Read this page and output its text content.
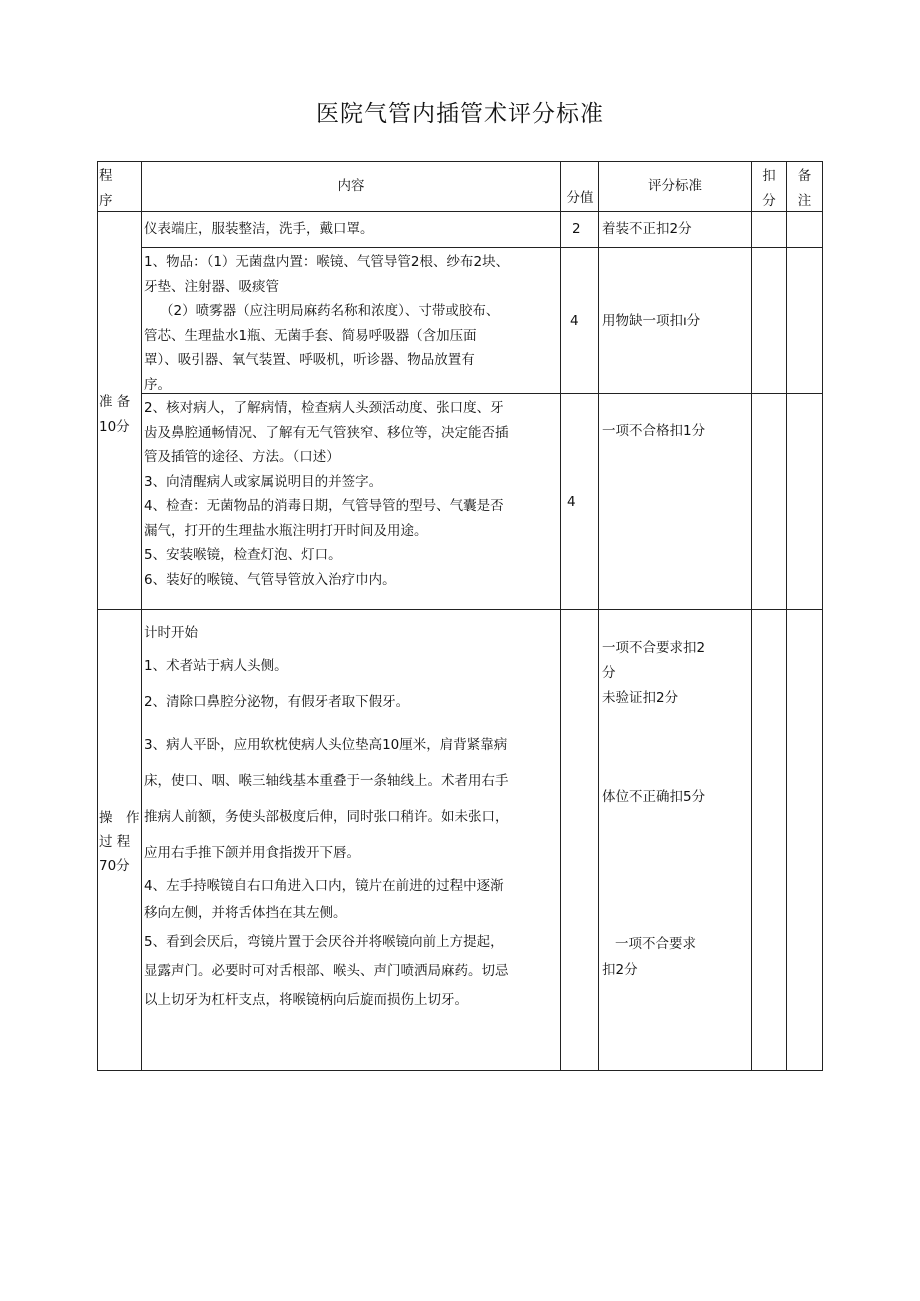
医院气管内插管术评分标准
程
序
内容
分值
评分标准
扣
分
备
注
准 备
10分
仪表端庄，服装整洁，洗手，戴口罩。	2 着装不正扣2分
1、物品：（1）无菌盘内置：喉镜、气管导管2根、纱布2块、
牙垫、注射器、吸痰管
（2）喷雾器（应注明局麻药名称和浓度）、寸带或胶布、
管芯、生理盐水1瓶、无菌手套、简易呼吸器（含加压面
罩）、吸引器、氧气装置、呼吸机，听诊器、物品放置有
序。
4 用物缺一项扣ı分
2、核对病人，了解病情，检查病人头颈活动度、张口度、牙
齿及鼻腔通畅情况、了解有无气管狭窄、移位等，决定能否插
管及插管的途径、方法。（口述）
3、向清醒病人或家属说明目的并签字。
4、检查：无菌物品的消毒日期，气管导管的型号、气囊是否
漏气，打开的生理盐水瓶注明打开时间及用途。
5、安装喉镜，检查灯泡、灯口。
6、装好的喉镜、气管导管放入治疗巾内。
4
一项不合格扣1分
操　作
过 程
70分
计时开始
1、术者站于病人头侧。
2、清除口鼻腔分泌物，有假牙者取下假牙。
3、病人平卧，应用软枕使病人头位垫高10厘米，肩背紧靠病
床，使口、咽、喉三轴线基本重叠于一条轴线上。术者用右手
推病人前额，务使头部极度后伸，同时张口稍许。如未张口，
应用右手推下颌并用食指拨开下唇。
4、左手持喉镜自右口角进入口内，镜片在前进的过程中逐渐
移向左侧，并将舌体挡在其左侧。
5、看到会厌后，弯镜片置于会厌谷并将喉镜向前上方提起，
显露声门。必要时可对舌根部、喉头、声门喷洒局麻药。切忌
以上切牙为杠杆支点，将喉镜柄向后旋而损伤上切牙。
一项不合要求扣2
分
未验证扣2分
体位不正确扣5分
一项不合要求
扣2分
